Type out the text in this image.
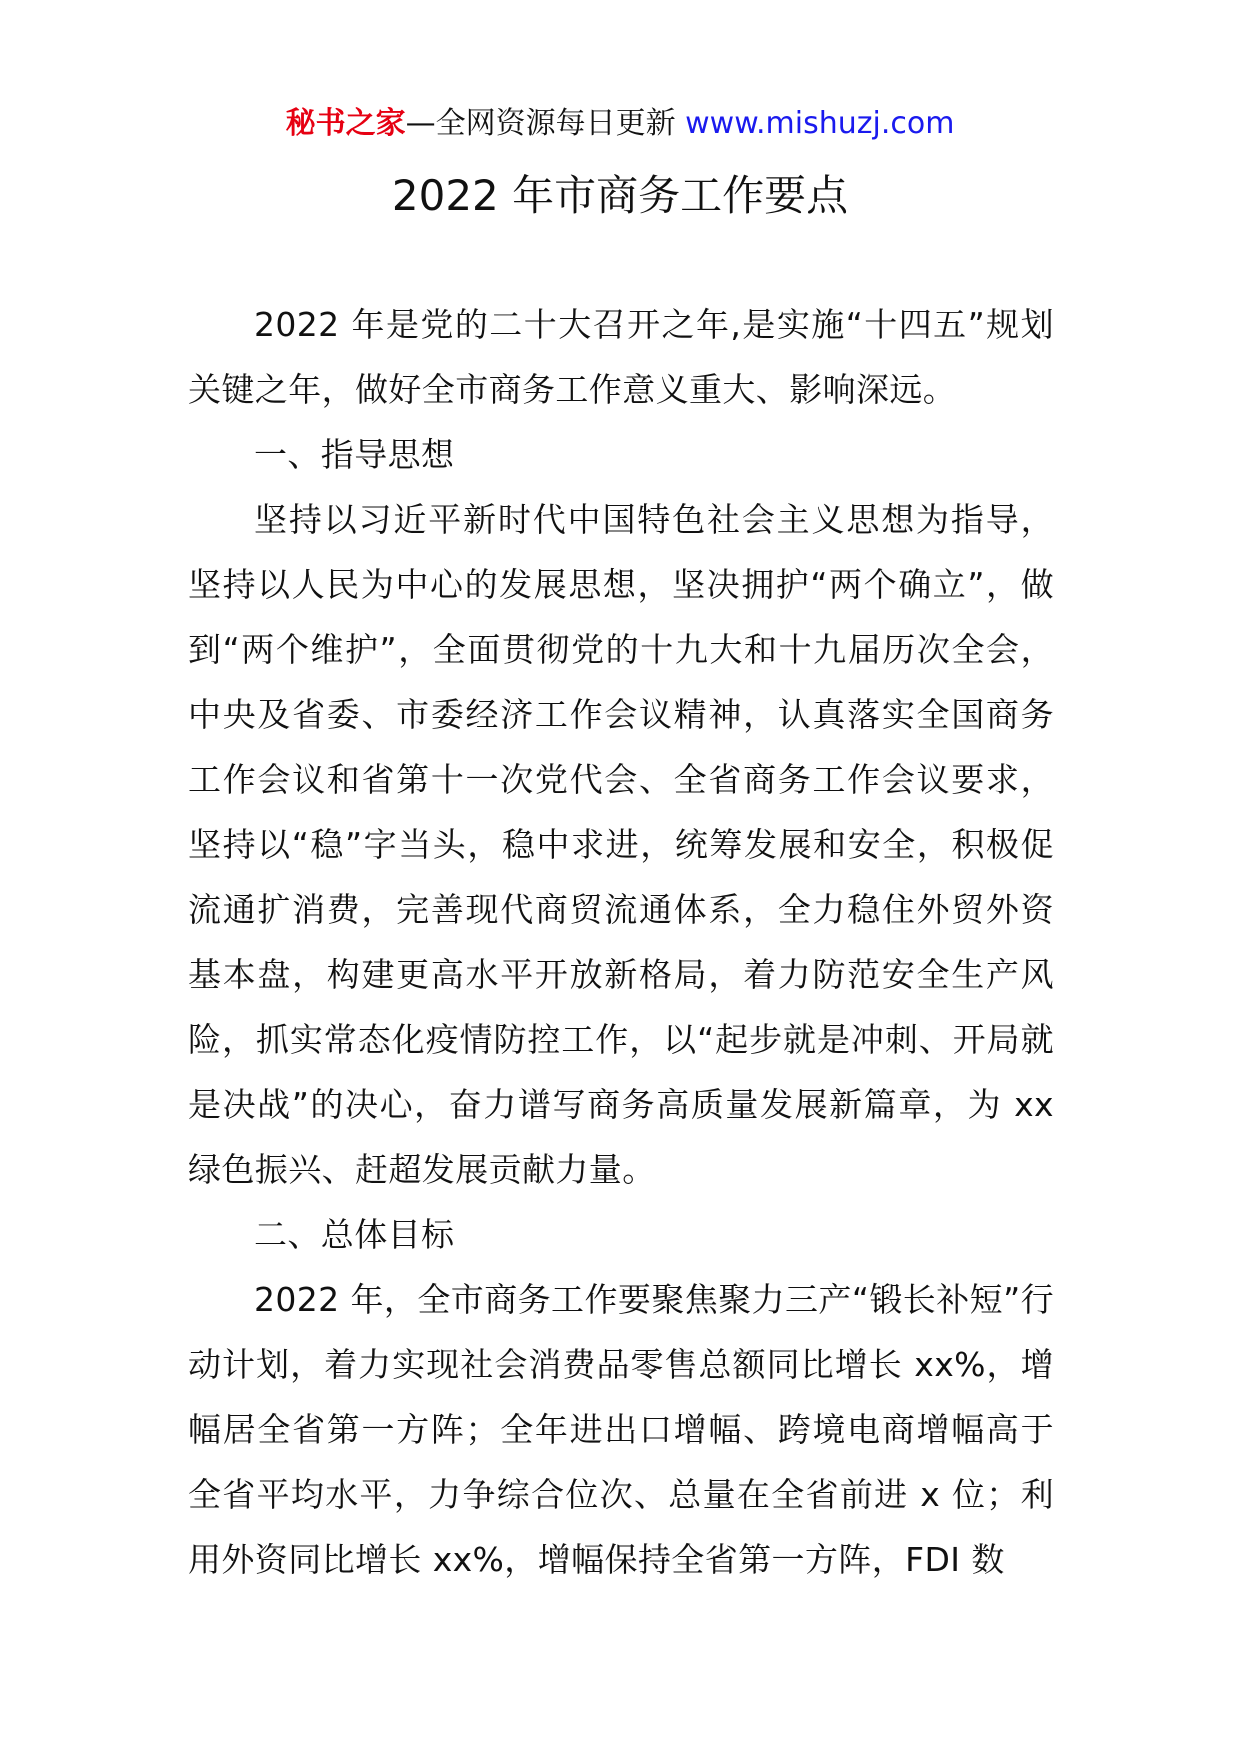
秘书之家—全网资源每日更新 www.mishuzj.com
2022 年市商务工作要点

2022 年是党的二十大召开之年,是实施“十四五”规划关键之年，做好全市商务工作意义重大、影响深远。

一、指导思想

坚持以习近平新时代中国特色社会主义思想为指导，坚持以人民为中心的发展思想，坚决拥护“两个确立”，做到“两个维护”，全面贯彻党的十九大和十九届历次全会，中央及省委、市委经济工作会议精神，认真落实全国商务工作会议和省第十一次党代会、全省商务工作会议要求，坚持以“稳”字当头，稳中求进，统筹发展和安全，积极促流通扩消费，完善现代商贸流通体系，全力稳住外贸外资基本盘，构建更高水平开放新格局，着力防范安全生产风险，抓实常态化疫情防控工作，以“起步就是冲刺、开局就是决战”的决心，奋力谱写商务高质量发展新篇章，为 xx 绿色振兴、赶超发展贡献力量。

二、总体目标

2022 年，全市商务工作要聚焦聚力三产“锻长补短”行动计划，着力实现社会消费品零售总额同比增长 xx%，增幅居全省第一方阵；全年进出口增幅、跨境电商增幅高于全省平均水平，力争综合位次、总量在全省前进 x 位；利用外资同比增长 xx%，增幅保持全省第一方阵，FDI 数
